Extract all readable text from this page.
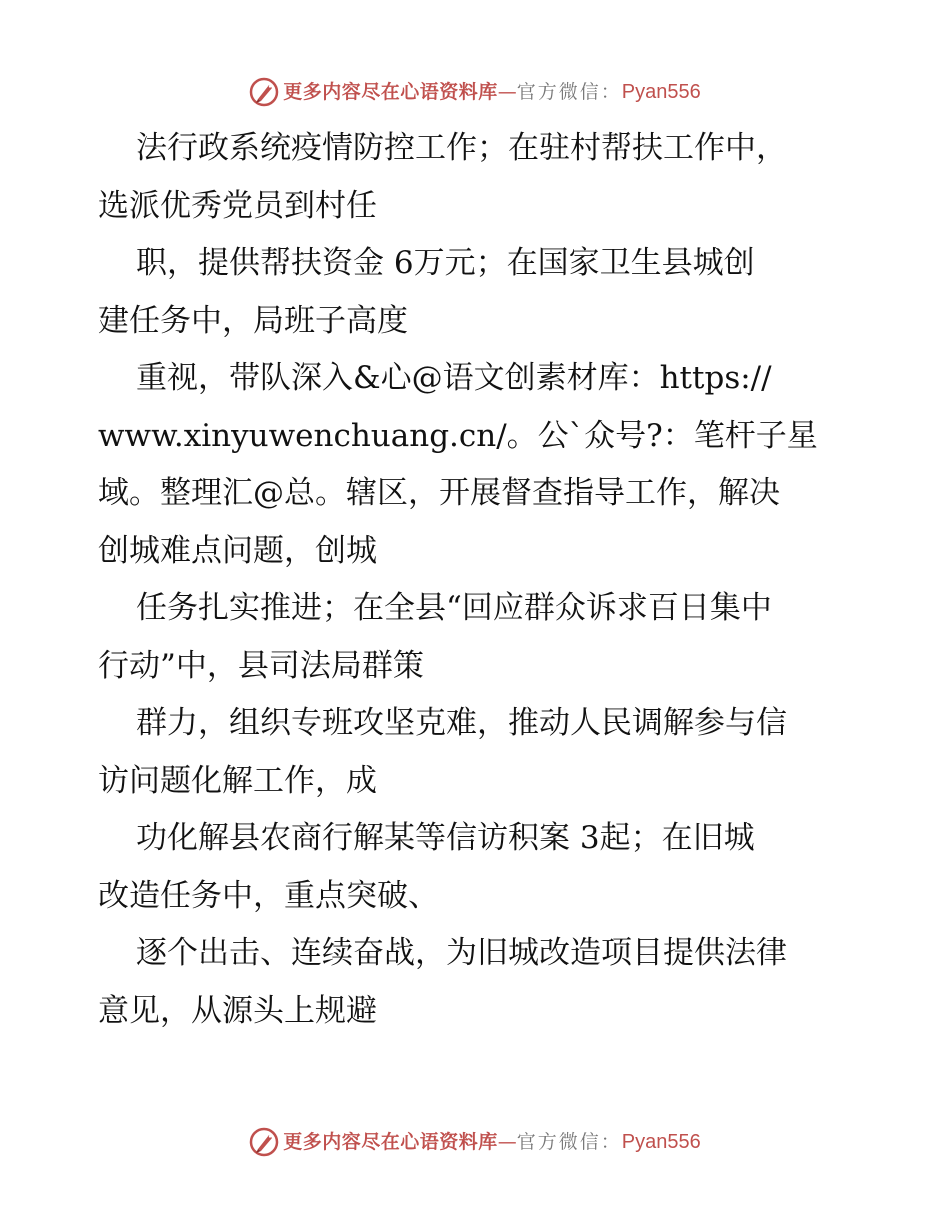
更多内容尽在心语资料库 — 官方微信： Pyan556
法行政系统疫情防控工作；在驻村帮扶工作中，
选派优秀党员到村任
职，提供帮扶资金 6万元；在国家卫生县城创
建任务中，局班子高度
重视，带队深入&心@语文创素材库：https://
www.xinyuwenchuang.cn/。公`众号?：笔杆子星
域。整理汇@总。辖区，开展督查指导工作，解决
创城难点问题，创城
任务扎实推进；在全县“回应群众诉求百日集中
行动”中，县司法局群策
群力，组织专班攻坚克难，推动人民调解参与信
访问题化解工作，成
功化解县农商行解某等信访积案 3起；在旧城
改造任务中，重点突破、
逐个出击、连续奋战，为旧城改造项目提供法律
意见，从源头上规避
更多内容尽在心语资料库 — 官方微信： Pyan556
